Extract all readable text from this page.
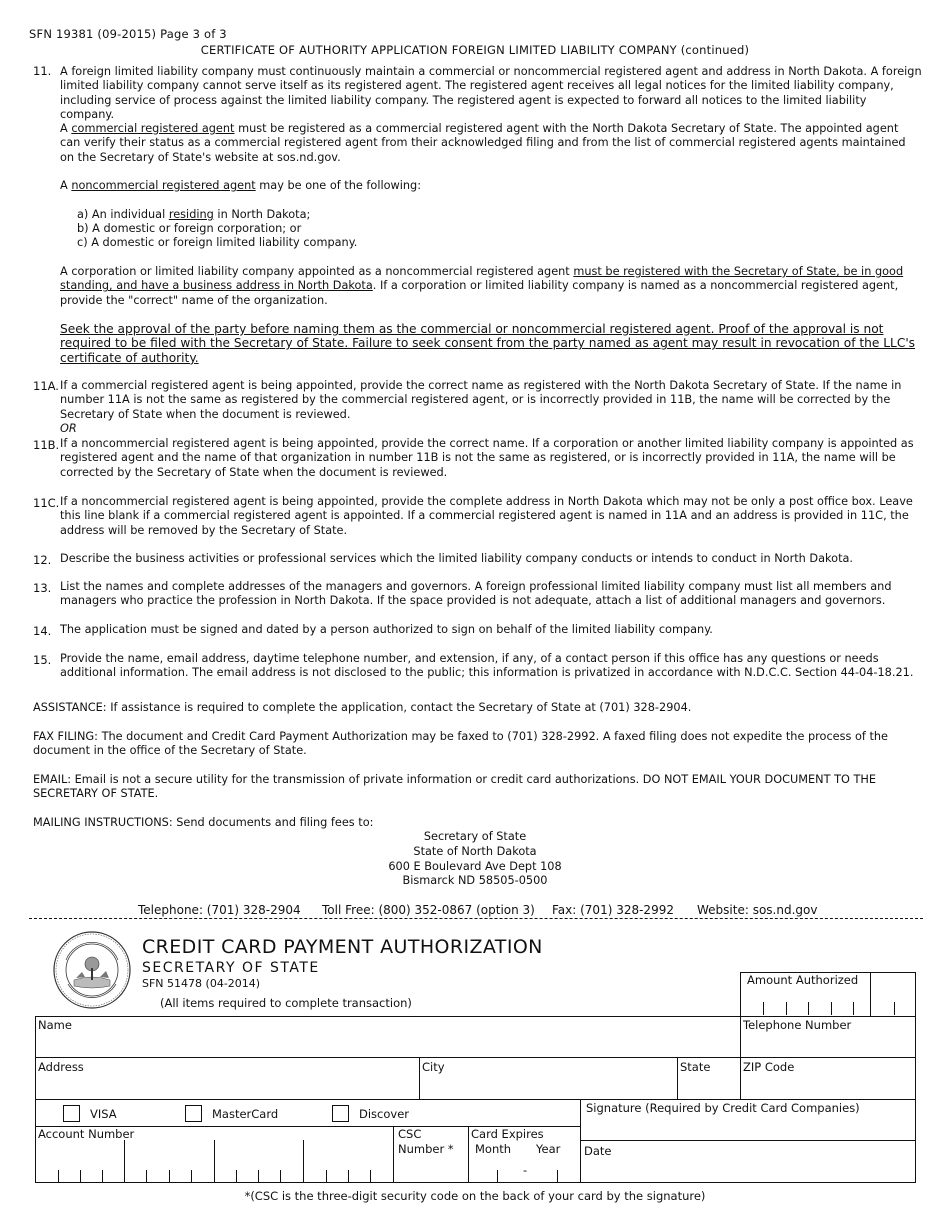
SFN 19381 (09-2015) Page 3 of 3
CERTIFICATE OF AUTHORITY APPLICATION FOREIGN LIMITED LIABILITY COMPANY (continued)
11. A foreign limited liability company must continuously maintain a commercial or noncommercial registered agent and address in North Dakota. A foreign limited liability company cannot serve itself as its registered agent. The registered agent receives all legal notices for the limited liability company, including service of process against the limited liability company. The registered agent is expected to forward all notices to the limited liability company.
A commercial registered agent must be registered as a commercial registered agent with the North Dakota Secretary of State. The appointed agent can verify their status as a commercial registered agent from their acknowledged filing and from the list of commercial registered agents maintained on the Secretary of State's website at sos.nd.gov.
A noncommercial registered agent may be one of the following:
a) An individual residing in North Dakota;
b) A domestic or foreign corporation; or
c) A domestic or foreign limited liability company.
A corporation or limited liability company appointed as a noncommercial registered agent must be registered with the Secretary of State, be in good standing, and have a business address in North Dakota. If a corporation or limited liability company is named as a noncommercial registered agent, provide the "correct" name of the organization.
Seek the approval of the party before naming them as the commercial or noncommercial registered agent. Proof of the approval is not required to be filed with the Secretary of State. Failure to seek consent from the party named as agent may result in revocation of the LLC's certificate of authority.
11A. If a commercial registered agent is being appointed, provide the correct name as registered with the North Dakota Secretary of State. If the name in number 11A is not the same as registered by the commercial registered agent, or is incorrectly provided in 11B, the name will be corrected by the Secretary of State when the document is reviewed.
OR
11B. If a noncommercial registered agent is being appointed, provide the correct name. If a corporation or another limited liability company is appointed as registered agent and the name of that organization in number 11B is not the same as registered, or is incorrectly provided in 11A, the name will be corrected by the Secretary of State when the document is reviewed.
11C. If a noncommercial registered agent is being appointed, provide the complete address in North Dakota which may not be only a post office box. Leave this line blank if a commercial registered agent is appointed. If a commercial registered agent is named in 11A and an address is provided in 11C, the address will be removed by the Secretary of State.
12. Describe the business activities or professional services which the limited liability company conducts or intends to conduct in North Dakota.
13. List the names and complete addresses of the managers and governors. A foreign professional limited liability company must list all members and managers who practice the profession in North Dakota. If the space provided is not adequate, attach a list of additional managers and governors.
14. The application must be signed and dated by a person authorized to sign on behalf of the limited liability company.
15. Provide the name, email address, daytime telephone number, and extension, if any, of a contact person if this office has any questions or needs additional information. The email address is not disclosed to the public; this information is privatized in accordance with N.D.C.C. Section 44-04-18.21.
ASSISTANCE: If assistance is required to complete the application, contact the Secretary of State at (701) 328-2904.
FAX FILING: The document and Credit Card Payment Authorization may be faxed to (701) 328-2992. A faxed filing does not expedite the process of the document in the office of the Secretary of State.
EMAIL: Email is not a secure utility for the transmission of private information or credit card authorizations. DO NOT EMAIL YOUR DOCUMENT TO THE SECRETARY OF STATE.
MAILING INSTRUCTIONS: Send documents and filing fees to:
Secretary of State
State of North Dakota
600 E Boulevard Ave Dept 108
Bismarck ND 58505-0500
Telephone: (701) 328-2904	Toll Free: (800) 352-0867 (option 3)	Fax: (701) 328-2992	Website: sos.nd.gov
CREDIT CARD PAYMENT AUTHORIZATION
SECRETARY OF STATE
SFN 51478 (04-2014)
(All items required to complete transaction)
Amount Authorized
Name	Telephone Number
Address	City	State	ZIP Code
VISA	MasterCard	Discover	Signature (Required by Credit Card Companies)
Date
Account Number	CSC
Number *
Card Expires
Month Year
-
*(CSC is the three-digit security code on the back of your card by the signature)
